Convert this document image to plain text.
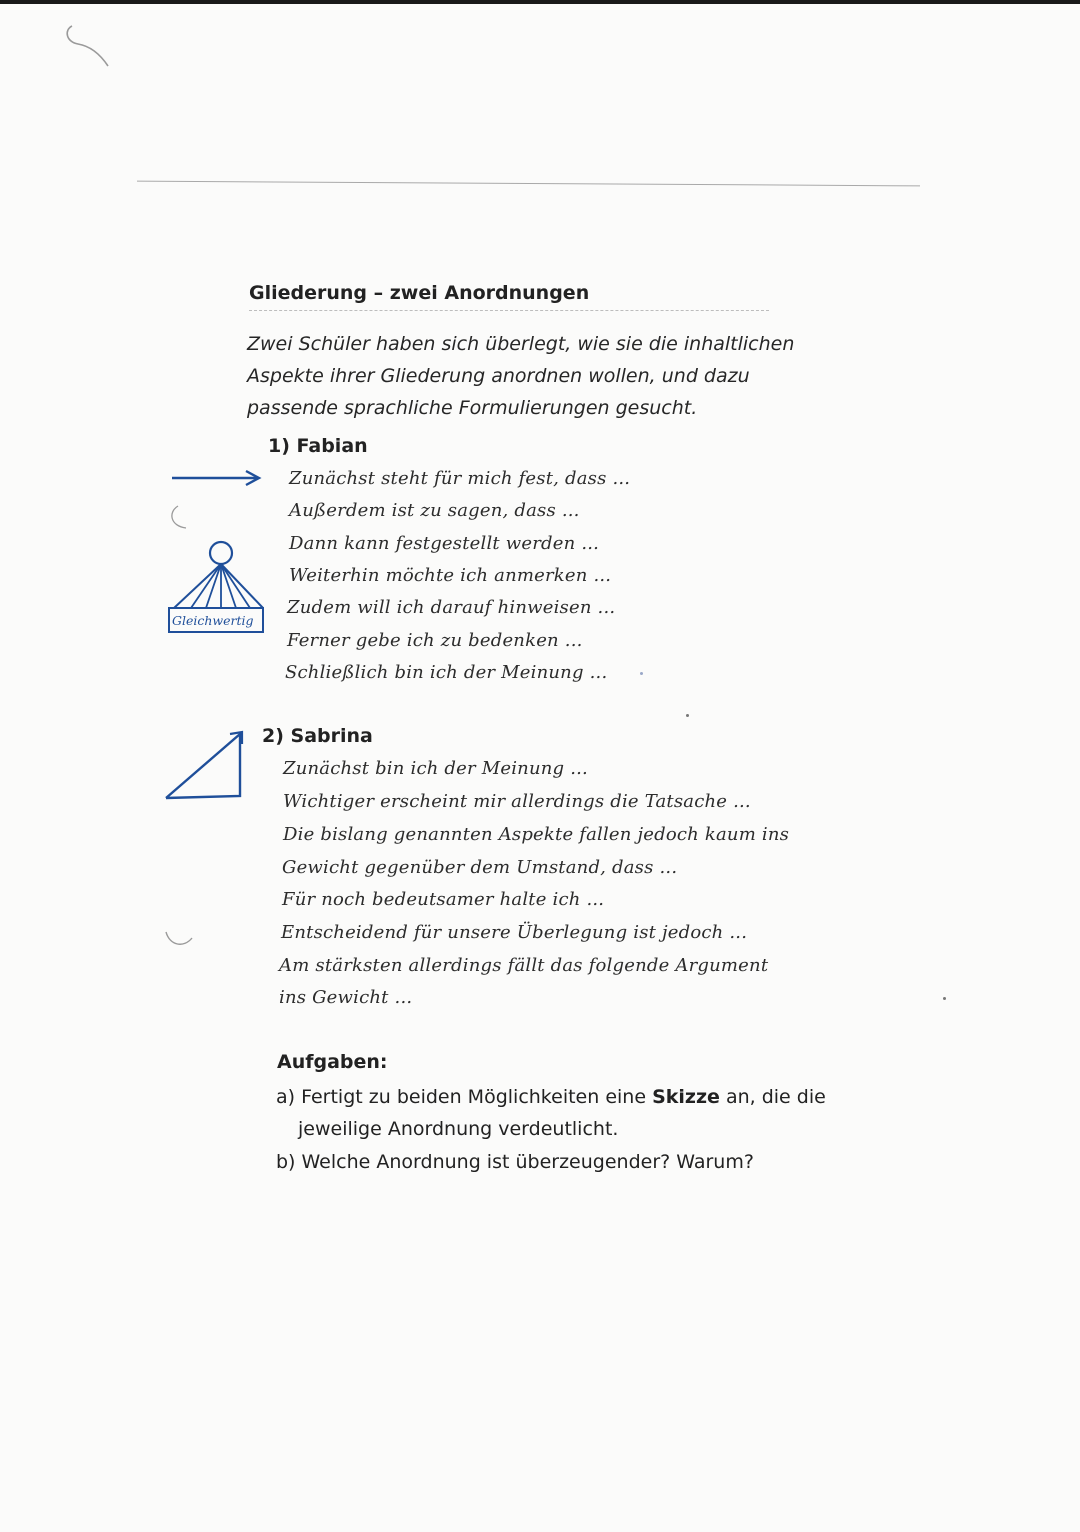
Gliederung – zwei Anordnungen
Zwei Schüler haben sich überlegt, wie sie die inhaltlichen
Aspekte ihrer Gliederung anordnen wollen, und dazu
passende sprachliche Formulierungen gesucht.
1) Fabian
Gleichwertig
Zunächst steht für mich fest, dass ...
Außerdem ist zu sagen, dass ...
Dann kann festgestellt werden ...
Weiterhin möchte ich anmerken ...
Zudem will ich darauf hinweisen ...
Ferner gebe ich zu bedenken ...
Schließlich bin ich der Meinung ...
2) Sabrina
Zunächst bin ich der Meinung ...
Wichtiger erscheint mir allerdings die Tatsache ...
Die bislang genannten Aspekte fallen jedoch kaum ins
Gewicht gegenüber dem Umstand, dass ...
Für noch bedeutsamer halte ich ...
Entscheidend für unsere Überlegung ist jedoch ...
Am stärksten allerdings fällt das folgende Argument
ins Gewicht ...
Aufgaben:
a) Fertigt zu beiden Möglichkeiten eine Skizze an, die die
jeweilige Anordnung verdeutlicht.
b) Welche Anordnung ist überzeugender? Warum?
